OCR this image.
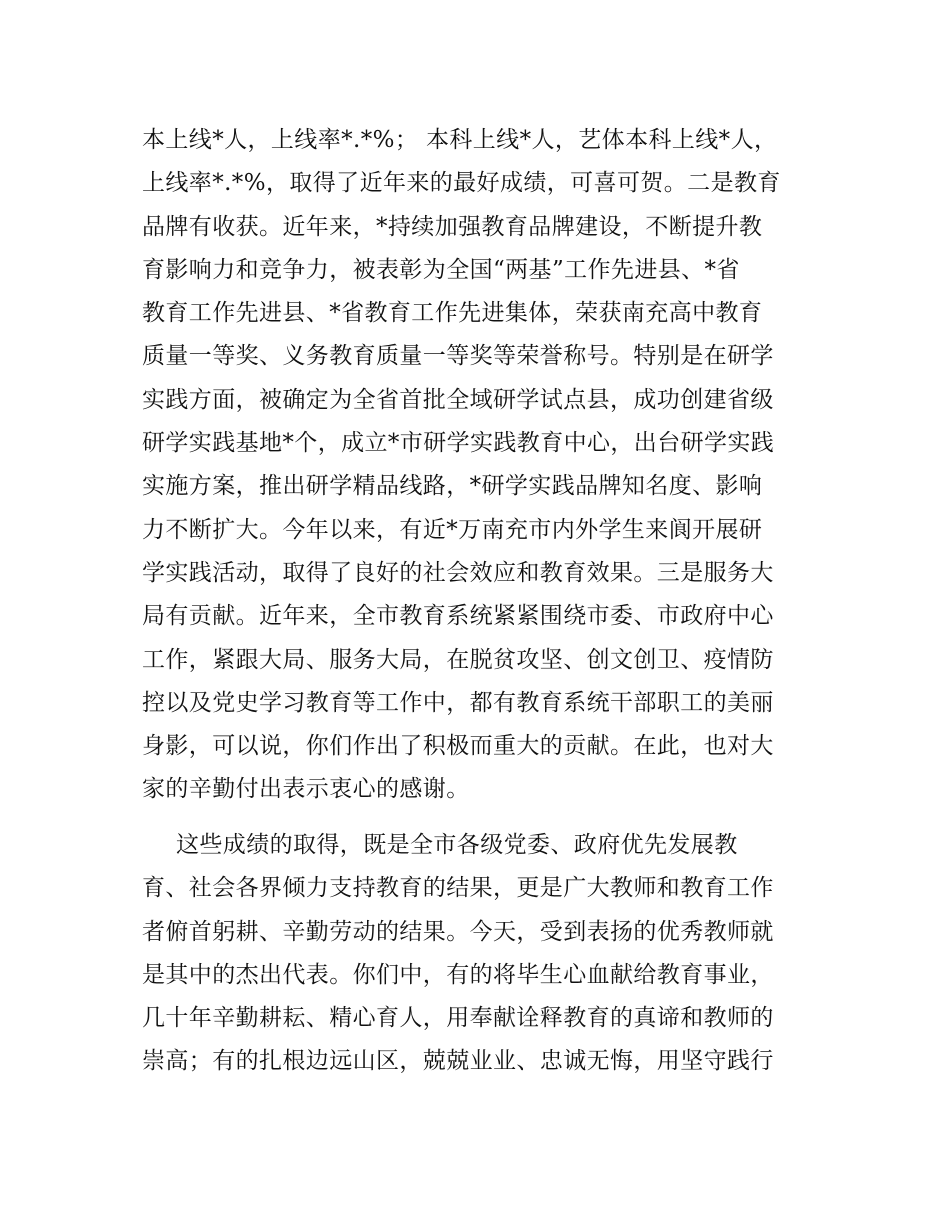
本上线*人，上线率*.*%； 本科上线*人，艺体本科上线*人，
上线率*.*%，取得了近年来的最好成绩，可喜可贺。二是教育
品牌有收获。近年来，*持续加强教育品牌建设，不断提升教
育影响力和竞争力，被表彰为全国“两基”工作先进县、*省
教育工作先进县、*省教育工作先进集体，荣获南充高中教育
质量一等奖、义务教育质量一等奖等荣誉称号。特别是在研学
实践方面，被确定为全省首批全域研学试点县，成功创建省级
研学实践基地*个，成立*市研学实践教育中心，出台研学实践
实施方案，推出研学精品线路，*研学实践品牌知名度、影响
力不断扩大。今年以来，有近*万南充市内外学生来阆开展研
学实践活动，取得了良好的社会效应和教育效果。三是服务大
局有贡献。近年来，全市教育系统紧紧围绕市委、市政府中心
工作，紧跟大局、服务大局，在脱贫攻坚、创文创卫、疫情防
控以及党史学习教育等工作中，都有教育系统干部职工的美丽
身影，可以说，你们作出了积极而重大的贡献。在此，也对大
家的辛勤付出表示衷心的感谢。
这些成绩的取得，既是全市各级党委、政府优先发展教
育、社会各界倾力支持教育的结果，更是广大教师和教育工作
者俯首躬耕、辛勤劳动的结果。今天，受到表扬的优秀教师就
是其中的杰出代表。你们中，有的将毕生心血献给教育事业，
几十年辛勤耕耘、精心育人，用奉献诠释教育的真谛和教师的
崇高；有的扎根边远山区，兢兢业业、忠诚无悔，用坚守践行
